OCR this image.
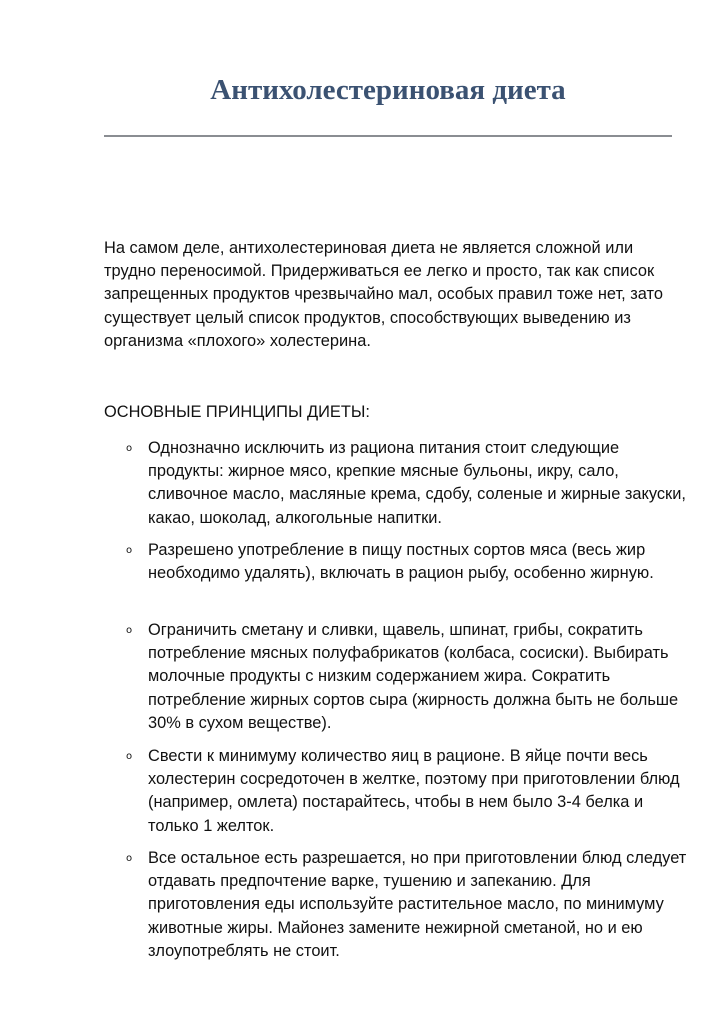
Антихолестериновая диета

На самом деле, антихолестериновая диета не является сложной или трудно переносимой. Придерживаться ее легко и просто, так как список запрещенных продуктов чрезвычайно мал, особых правил тоже нет, зато существует целый список продуктов, способствующих выведению из организма «плохого» холестерина.

ОСНОВНЫЕ ПРИНЦИПЫ ДИЕТЫ:
o Однозначно исключить из рациона питания стоит следующие продукты: жирное мясо, крепкие мясные бульоны, икру, сало, сливочное масло, масляные крема, сдобу, соленые и жирные закуски, какао, шоколад, алкогольные напитки.
o Разрешено употребление в пищу постных сортов мяса (весь жир необходимо удалять), включать в рацион рыбу, особенно жирную.
o Ограничить сметану и сливки, щавель, шпинат, грибы, сократить потребление мясных полуфабрикатов (колбаса, сосиски). Выбирать молочные продукты с низким содержанием жира. Сократить потребление жирных сортов сыра (жирность должна быть не больше 30% в сухом веществе).
o Свести к минимуму количество яиц в рационе. В яйце почти весь холестерин сосредоточен в желтке, поэтому при приготовлении блюд (например, омлета) постарайтесь, чтобы в нем было 3-4 белка и только 1 желток.
o Все остальное есть разрешается, но при приготовлении блюд следует отдавать предпочтение варке, тушению и запеканию. Для приготовления еды используйте растительное масло, по минимуму животные жиры. Майонез замените нежирной сметаной, но и ею злоупотреблять не стоит.
